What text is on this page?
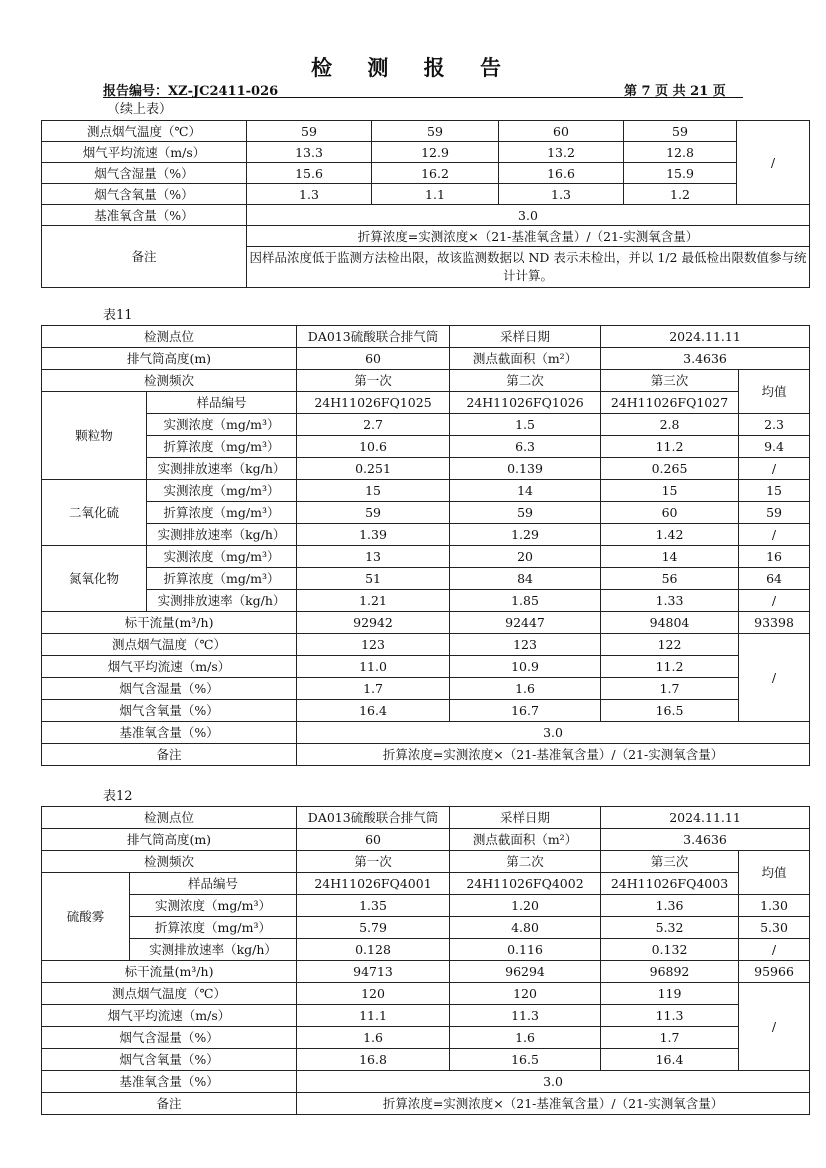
检 测 报 告
报告编号：XZ-JC2411-026	第 7 页 共 21 页
（续上表）
测点烟气温度（℃）	59	59	60	59	/
烟气平均流速（m/s）	13.3	12.9	13.2	12.8	
烟气含湿量（%）	15.6	16.2	16.6	15.9	
烟气含氧量（%）	1.3	1.1	1.3	1.2	
基准氧含量（%）	3.0				
备注	折算浓度=实测浓度×（21-基准氧含量）/（21-实测氧含量）				
	因样品浓度低于监测方法检出限，故该监测数据以 ND 表示未检出，并以 1/2 最低检出限数值参与统计计算。				
表11
检测点位		DA013硫酸联合排气筒	采样日期	2024.11.11	
排气筒高度(m)		60	测点截面积（m²）	3.4636	
检测频次		第一次	第二次	第三次	均值
颗粒物	样品编号	24H11026FQ1025	24H11026FQ1026	24H11026FQ1027	
	实测浓度（mg/m³）	2.7	1.5	2.8	2.3
	折算浓度（mg/m³）	10.6	6.3	11.2	9.4
	实测排放速率（kg/h）	0.251	0.139	0.265	/
二氧化硫	实测浓度（mg/m³）	15	14	15	15
	折算浓度（mg/m³）	59	59	60	59
	实测排放速率（kg/h）	1.39	1.29	1.42	/
氮氧化物	实测浓度（mg/m³）	13	20	14	16
	折算浓度（mg/m³）	51	84	56	64
	实测排放速率（kg/h）	1.21	1.85	1.33	/
标干流量(m³/h)		92942	92447	94804	93398
测点烟气温度（℃）		123	123	122	/
烟气平均流速（m/s）		11.0	10.9	11.2	
烟气含湿量（%）		1.7	1.6	1.7	
烟气含氧量（%）		16.4	16.7	16.5	
基准氧含量（%）		3.0			
备注		折算浓度=实测浓度×（21-基准氧含量）/（21-实测氧含量）			
表12
检测点位		DA013硫酸联合排气筒	采样日期	2024.11.11	
排气筒高度(m)		60	测点截面积（m²）	3.4636	
检测频次		第一次	第二次	第三次	均值
硫酸雾	样品编号	24H11026FQ4001	24H11026FQ4002	24H11026FQ4003	
	实测浓度（mg/m³）	1.35	1.20	1.36	1.30
	折算浓度（mg/m³）	5.79	4.80	5.32	5.30
	实测排放速率（kg/h）	0.128	0.116	0.132	/
标干流量(m³/h)		94713	96294	96892	95966
测点烟气温度（℃）		120	120	119	/
烟气平均流速（m/s）		11.1	11.3	11.3	
烟气含湿量（%）		1.6	1.6	1.7	
烟气含氧量（%）		16.8	16.5	16.4	
基准氧含量（%）		3.0			
备注		折算浓度=实测浓度×（21-基准氧含量）/（21-实测氧含量）			
